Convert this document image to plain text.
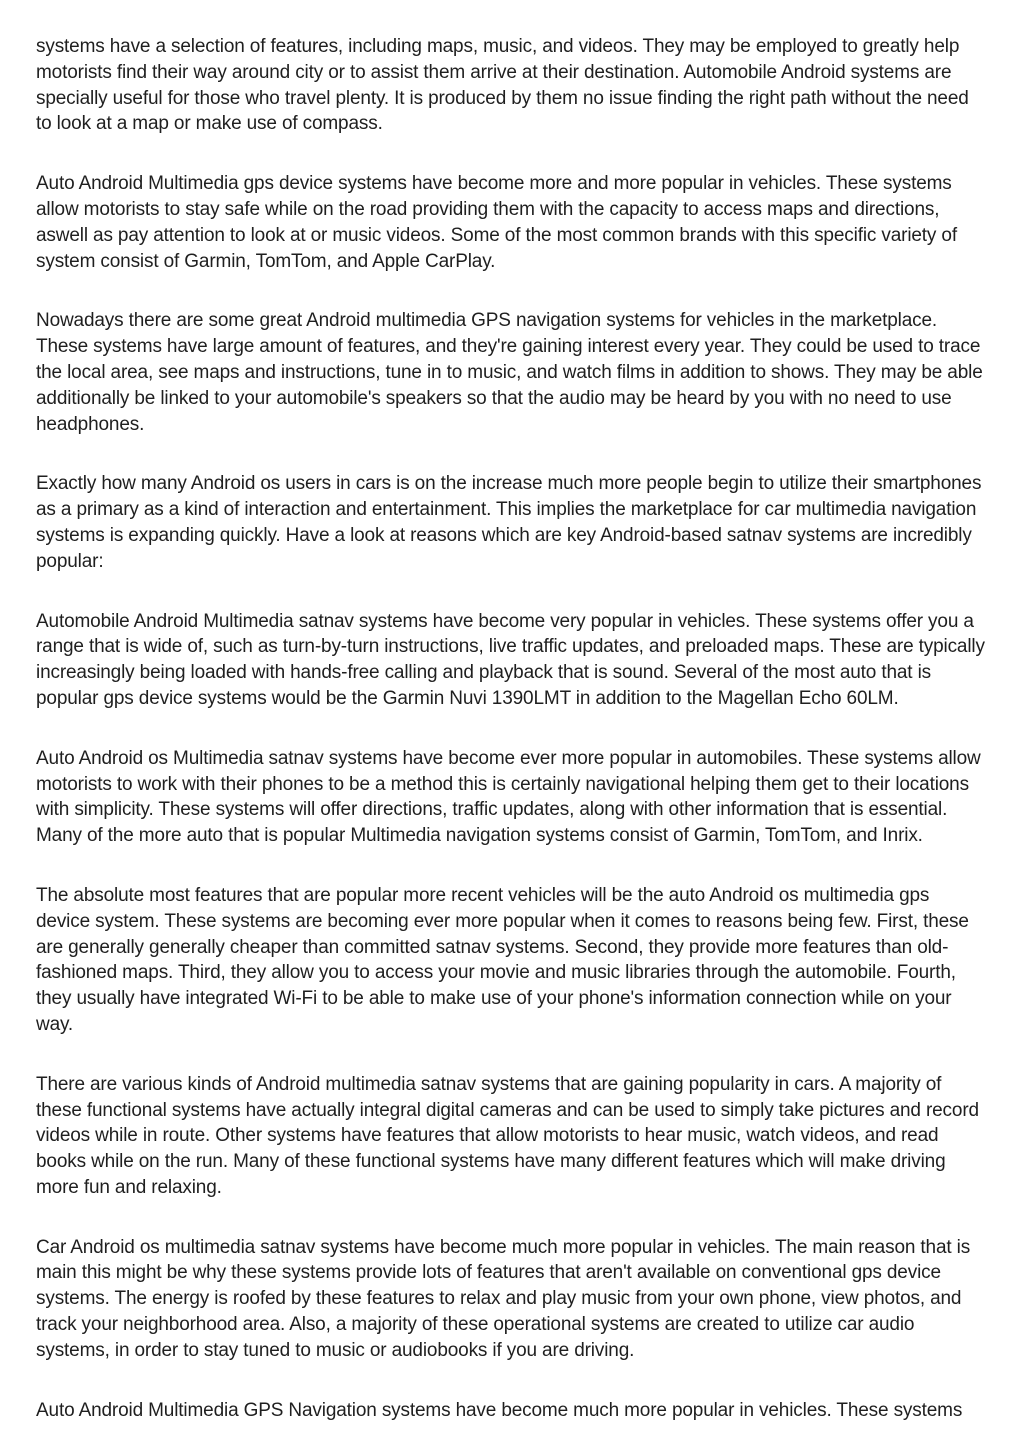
systems have a selection of features, including maps, music, and videos. They may be employed to greatly help motorists find their way around city or to assist them arrive at their destination. Automobile Android systems are specially useful for those who travel plenty. It is produced by them no issue finding the right path without the need to look at a map or make use of compass.

Auto Android Multimedia gps device systems have become more and more popular in vehicles. These systems allow motorists to stay safe while on the road providing them with the capacity to access maps and directions, aswell as pay attention to look at or music videos. Some of the most common brands with this specific variety of system consist of Garmin, TomTom, and Apple CarPlay.

Nowadays there are some great Android multimedia GPS navigation systems for vehicles in the marketplace. These systems have large amount of features, and they're gaining interest every year. They could be used to trace the local area, see maps and instructions, tune in to music, and watch films in addition to shows. They may be able additionally be linked to your automobile's speakers so that the audio may be heard by you with no need to use headphones.

Exactly how many Android os users in cars is on the increase much more people begin to utilize their smartphones as a primary as a kind of interaction and entertainment. This implies the marketplace for car multimedia navigation systems is expanding quickly. Have a look at reasons which are key Android-based satnav systems are incredibly popular:

Automobile Android Multimedia satnav systems have become very popular in vehicles. These systems offer you a range that is wide of, such as turn-by-turn instructions, live traffic updates, and preloaded maps. These are typically increasingly being loaded with hands-free calling and playback that is sound. Several of the most auto that is popular gps device systems would be the Garmin Nuvi 1390LMT in addition to the Magellan Echo 60LM.

Auto Android os Multimedia satnav systems have become ever more popular in automobiles. These systems allow motorists to work with their phones to be a method this is certainly navigational helping them get to their locations with simplicity. These systems will offer directions, traffic updates, along with other information that is essential. Many of the more auto that is popular Multimedia navigation systems consist of Garmin, TomTom, and Inrix.

The absolute most features that are popular more recent vehicles will be the auto Android os multimedia gps device system. These systems are becoming ever more popular when it comes to reasons being few. First, these are generally generally cheaper than committed satnav systems. Second, they provide more features than old-fashioned maps. Third, they allow you to access your movie and music libraries through the automobile. Fourth, they usually have integrated Wi-Fi to be able to make use of your phone's information connection while on your way.

There are various kinds of Android multimedia satnav systems that are gaining popularity in cars. A majority of these functional systems have actually integral digital cameras and can be used to simply take pictures and record videos while in route. Other systems have features that allow motorists to hear music, watch videos, and read books while on the run. Many of these functional systems have many different features which will make driving more fun and relaxing.

Car Android os multimedia satnav systems have become much more popular in vehicles. The main reason that is main this might be why these systems provide lots of features that aren't available on conventional gps device systems. The energy is roofed by these features to relax and play music from your own phone, view photos, and track your neighborhood area. Also, a majority of these operational systems are created to utilize car audio systems, in order to stay tuned to music or audiobooks if you are driving.

Auto Android Multimedia GPS Navigation systems have become much more popular in vehicles. These systems
